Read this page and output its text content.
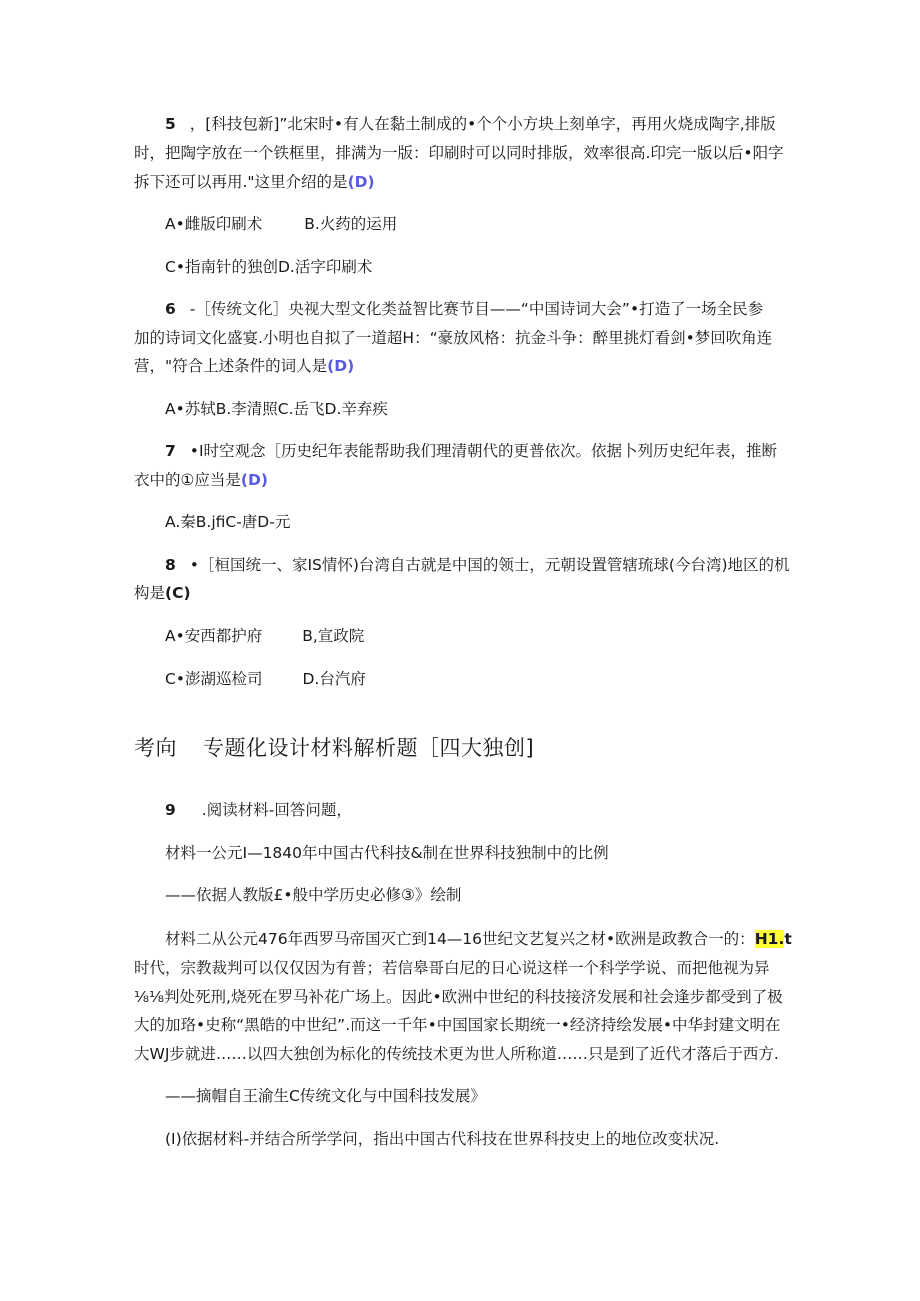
5 ，[科技包新]”北宋时•有人在黏土制成的•个个小方块上刻单字，再用火烧成陶字,排版
时，把陶字放在一个铁框里，排满为一版：印刷时可以同时排版，效率很高.印完一版以后•阳字
拆下还可以再用."这里介绍的是(D)
A•雌版印刷术	B.火药的运用
C•指南针的独创D.活字印刷术
6 -［传统文化］央视大型文化类益智比赛节目——“中国诗词大会”•打造了一场全民参
加的诗词文化盛宴.小明也自拟了一道超H：“豪放风格：抗金斗争：醉里挑灯看剑•梦回吹角连
营，"符合上述条件的词人是(D)
A•苏轼B.李清照C.岳飞D.辛弃疾
7 •I时空观念［历史纪年表能帮助我们理清朝代的更普依次。依据卜列历史纪年表，推断
衣中的①应当是(D)
A.秦B.jfiC-唐D-元
8 •［桓国统一、家IS情怀)台湾自古就是中国的领士，元朝设置管辖琉球(今台湾)地区的机
构是(C)
A•安西都护府	B,宣政院
C•澎湖巡检司	D.台汽府
考向 专题化设计材料解析题［四大独创]
9 .阅读材料-回答问题，
材料一公元I—1840年中国古代科技&制在世界科技独制中的比例
——依据人教版£•般中学历史必修③》绘制
材料二从公元476年西罗马帝国灭亡到14—16世纪文艺复兴之材•欧洲是政教合一的：H1.t
时代，宗教裁判可以仅仅因为有普；若信皋哥白尼的日心说这样一个科学学说、而把他视为异
⅛⅛判处死刑,烧死在罗马补花广场上。因此•欧洲中世纪的科技接济发展和社会逢步都受到了极
大的加珞•史称“黑皓的中世纪”.而这一千年•中国国家长期统一•经济持绘发展•中华封建文明在
大WJ步就进……以四大独创为标化的传统技术更为世人所称道……只是到了近代才落后于西方.
——摘帽自王渝生C传统文化与中国科技发展》
(I)依据材料-并结合所学学问，指出中国古代科技在世界科技史上的地位改变状况.
